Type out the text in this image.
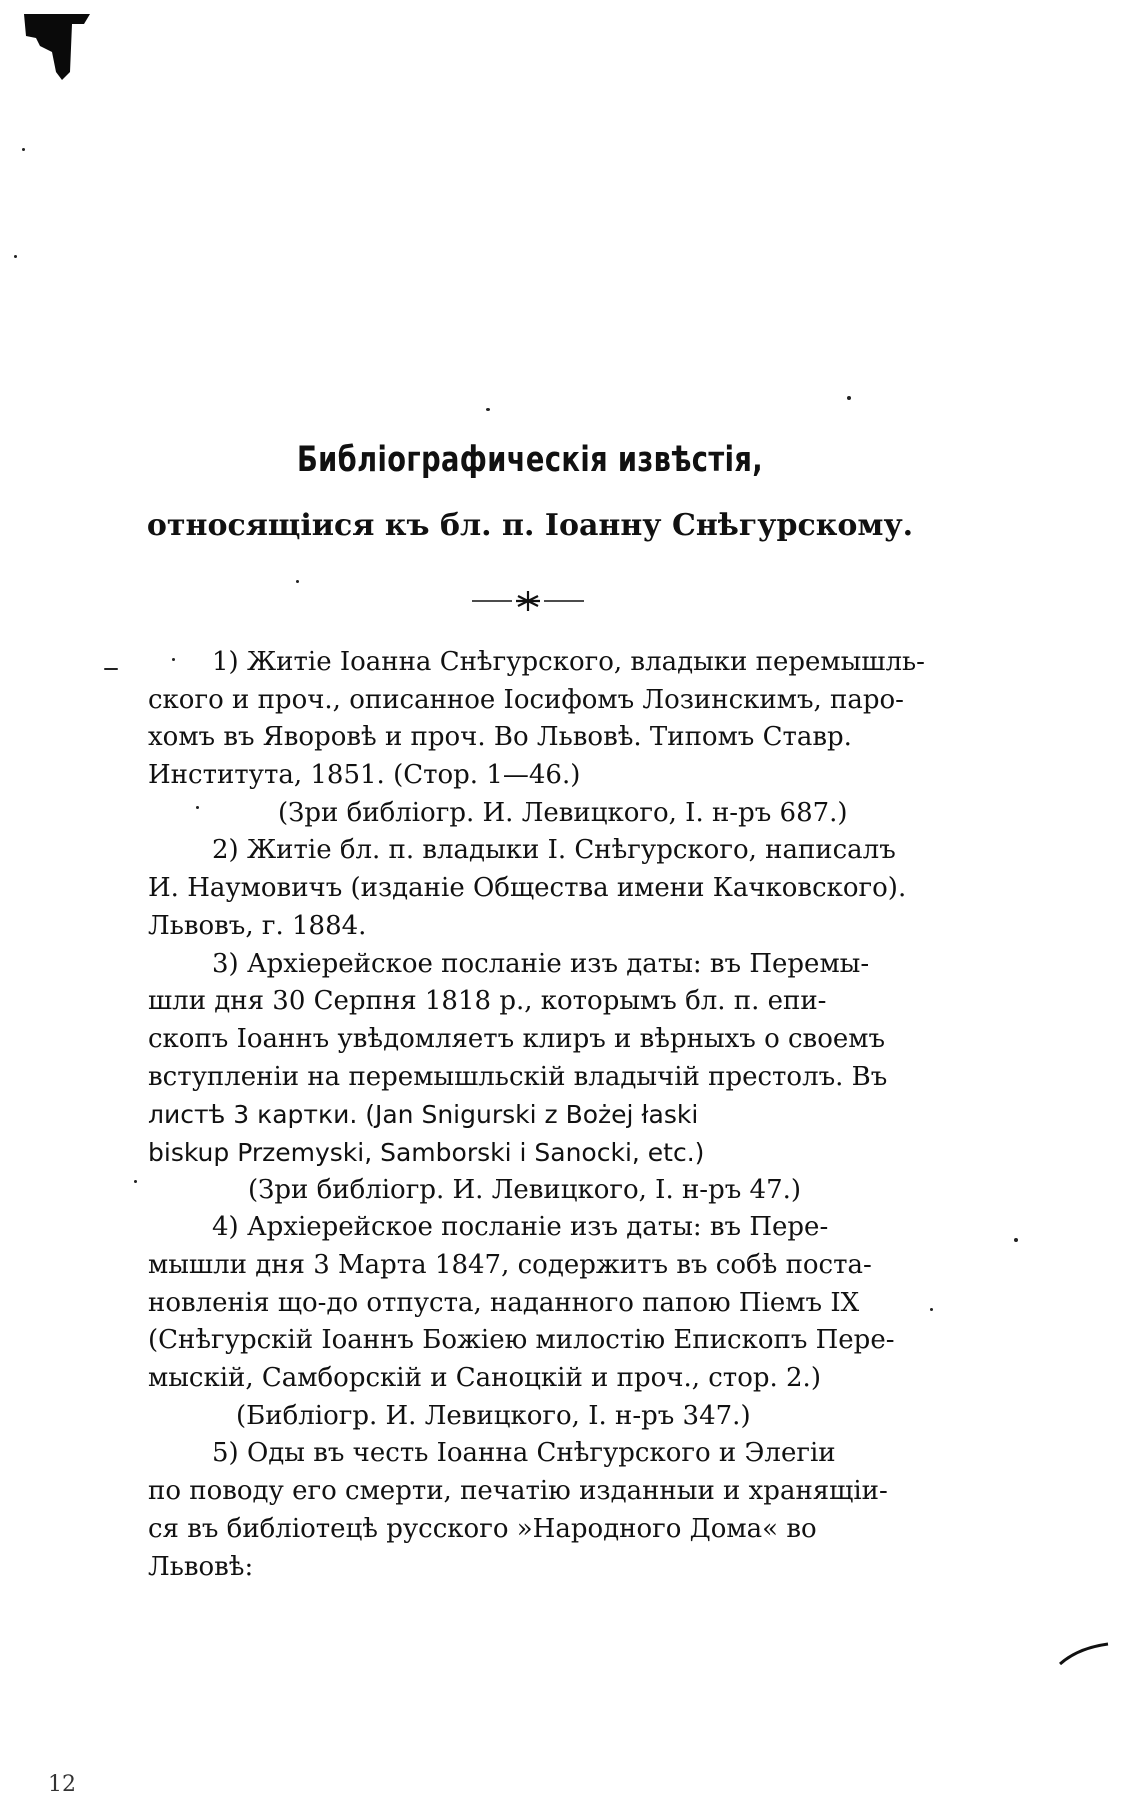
Библіографическія извѣстія,
относящіися къ бл. п. Іоанну Снѣгурскому.
1) Житіе Іоанна Снѣгурского, владыки перемышль-
ского и проч., описанное Іосифомъ Лозинскимъ, паро-
хомъ въ Яворовѣ и проч. Во Львовѣ. Типомъ Ставр.
Института, 1851. (Стор. 1—46.)
(Зри библіогр. И. Левицкого, I. н-ръ 687.)
2) Житіе бл. п. владыки I. Снѣгурского, написалъ
И. Наумовичъ (изданіе Общества имени Качковского).
Львовъ, г. 1884.
3) Архіерейское посланіе изъ даты: въ Перемы-
шли дня 30 Серпня 1818 р., которымъ бл. п. епи-
скопъ Іоаннъ увѣдомляетъ клиръ и вѣрныхъ о своемъ
вступленіи на перемышльскій владычій престолъ. Въ
листѣ 3 картки. (Jan Snigurski z Bożej łaski
biskup Przemyski, Samborski i Sanocki, etc.)
(Зри библіогр. И. Левицкого, I. н-ръ 47.)
4) Архіерейское посланіе изъ даты: въ Пере-
мышли дня 3 Марта 1847, содержитъ въ собѣ поста-
новленія що-до отпуста, наданного папою Піемъ IX
(Снѣгурскій Іоаннъ Божіею милостію Епископъ Пере-
мыскій, Самборскій и Саноцкій и проч., стор. 2.)
(Библіогр. И. Левицкого, I. н-ръ 347.)
5) Оды въ честь Іоанна Снѣгурского и Элегіи
по поводу его смерти, печатію изданныи и хранящіи-
ся въ библіотецѣ русского »Народного Дома« во
Львовѣ:
12
